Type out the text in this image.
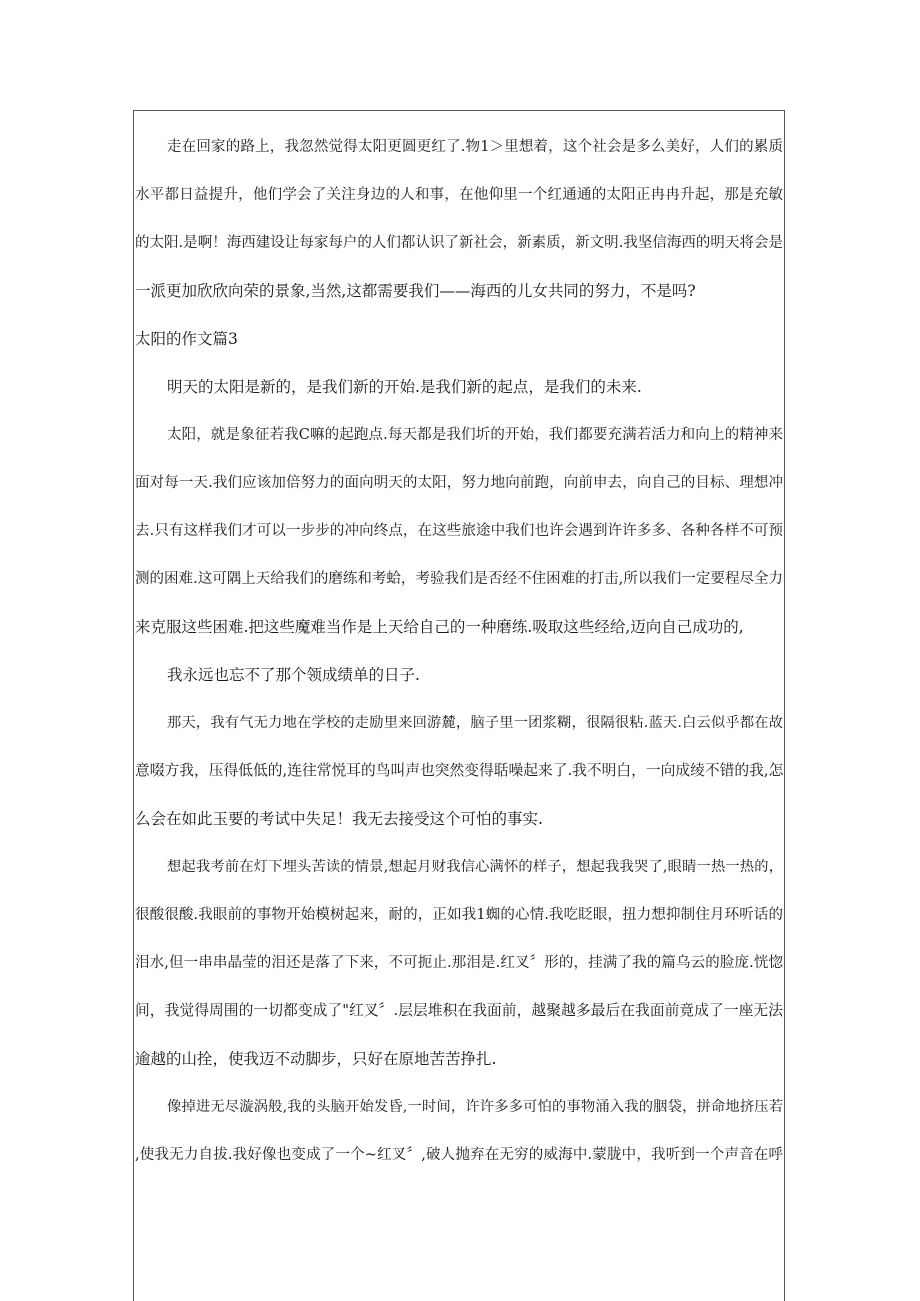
走在回家的路上，我忽然觉得太阳更圆更红了.物1＞里想着，这个社会是多么美好，人们的累质
水平都日益提升，他们学会了关注身边的人和事，在他仰里一个红通通的太阳正冉冉升起，那是充敏
的太阳.是啊！海西建设让每家每户的人们都认识了新社会，新素质，新文明.我坚信海西的明天将会是
一派更加欣欣向荣的景象,当然,这都需要我们——海西的儿女共同的努力，不是吗?
太阳的作文篇3
明天的太阳是新的，是我们新的开始.是我们新的起点，是我们的未来.
太阳，就是象征若我C嘛的起跑点.每天都是我们圻的开始，我们都要充满若活力和向上的精神来
面对每一天.我们应该加倍努力的面向明天的太阳，努力地向前跑，向前申去，向自己的目标、理想冲
去.只有这样我们才可以一步步的冲向终点，在这些旅途中我们也许会遇到许许多多、各种各样不可预
测的困难.这可隅上天给我们的磨练和考蛤，考验我们是否经不住困难的打击,所以我们一定要程尽全力
来克服这些困难.把这些魔难当作是上天给自己的一种磨练.吸取这些经给,迈向自己成功的,
我永远也忘不了那个领成绩单的日子.
那天，我有气无力地在学校的走励里来回游麓，脑子里一团浆糊，很隔很粘.蓝天.白云似乎都在故
意啜方我，压得低低的,连往常悦耳的鸟叫声也突然变得聒噪起来了.我不明白，一向成绫不错的我,怎
么会在如此玉要的考试中失足！我无去接受这个可怕的事实.
想起我考前在灯下埋头苦读的情景,想起月财我信心满怀的样子，想起我我哭了,眼睛一热一热的，
很酸很酸.我眼前的事物开始模树起来，耐的，正如我1蜘的心情.我吃眨眼，扭力想抑制住月环听话的
泪水,但一串串晶莹的泪还是落了下来，不可扼止.那泪是.红叉〞形的，挂满了我的篇乌云的脸庞.恍惚
间，我觉得周围的一切都变成了"红叉〞.层层堆积在我面前，越聚越多最后在我面前竟成了一座无法
逾越的山拴，使我迈不动脚步，只好在原地苦苦挣扎.
像掉进无尽漩涡般,我的头脑开始发昏,一时间，许许多多可怕的事物涌入我的胭袋，拼命地挤压若
,使我无力自拔.我好像也变成了一个~红叉〞,破人抛弃在无穷的威海中.蒙胧中，我听到一个声音在呼
